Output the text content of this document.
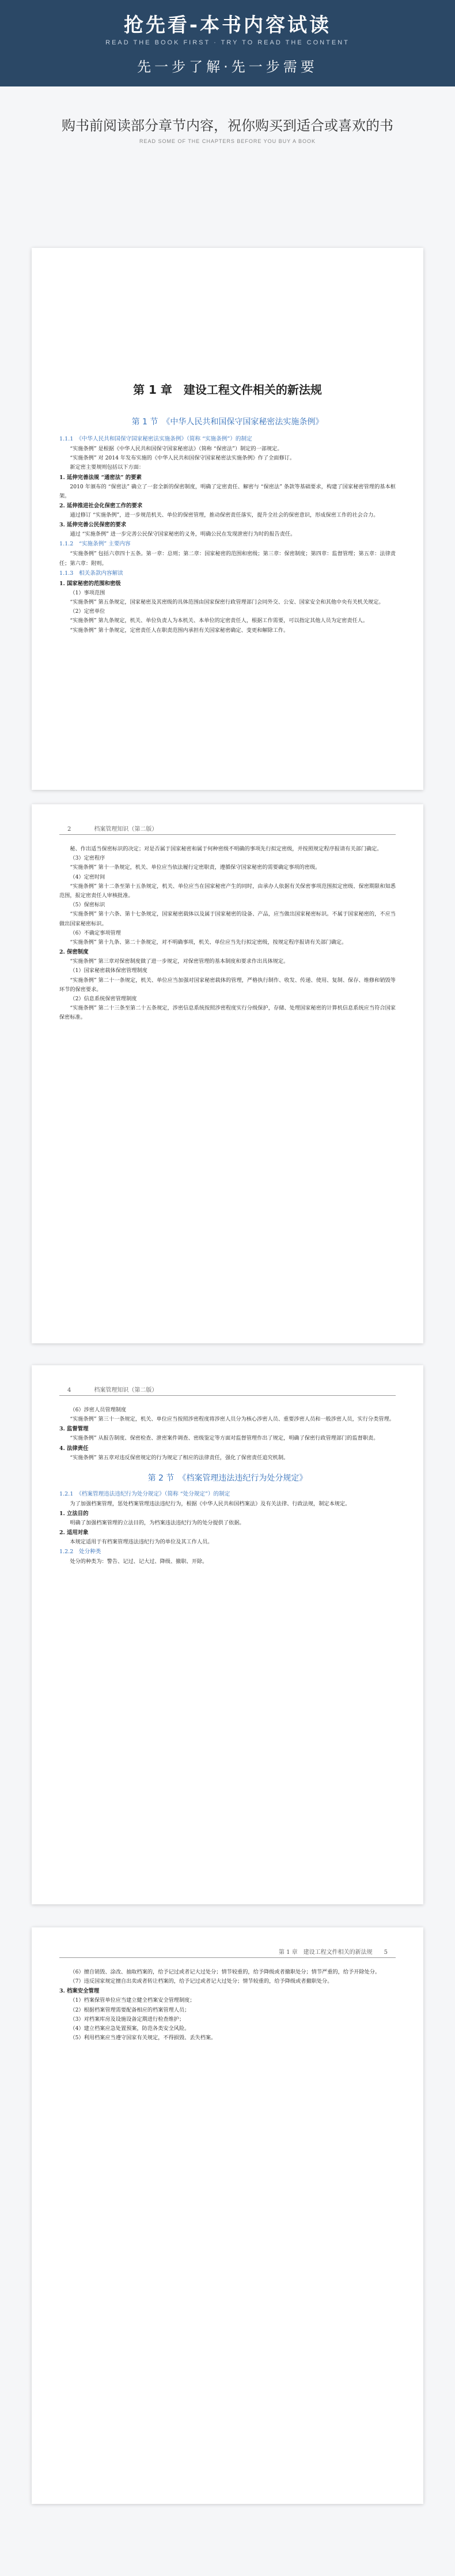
抢先看-本书内容试读
READ THE BOOK FIRST · TRY TO READ THE CONTENT
先一步了解·先一步需要
购书前阅读部分章节内容，祝你购买到适合或喜欢的书
READ SOME OF THE CHAPTERS BEFORE YOU BUY A BOOK
第 1 章　建设工程文件相关的新法规
第 1 节　《中华人民共和国保守国家秘密法实施条例》
1.1.1　《中华人民共和国保守国家秘密法实施条例》（简称 “实施条例”）的制定

“实施条例” 是根据《中华人民共和国保守国家秘密法》（简称 “保密法”）制定的一部规定。

“实施条例” 对 2014 年发布实施的《中华人民共和国保守国家秘密法实施条例》作了全面修订。

新定密主要规则包括以下方面：

1. 延伸完善法规 “通密法” 的要素

2010 年颁布的 “保密法” 确立了一套全新的保密制度，明确了定密责任、解密与 “保密法” 条款等基础要求，构建了国家秘密管理的基本框架。

2. 延伸推进社会化保密工作的要求

通过修订 “实施条例”，进一步规范机关、单位的保密管理，推动保密责任落实，提升全社会的保密意识，形成保密工作的社会合力。

3. 延伸完善公民保密的要求

通过 “实施条例” 进一步完善公民保守国家秘密的义务，明确公民在发现泄密行为时的报告责任。

1.1.2　“实施条例” 主要内容

“实施条例” 包括六章四十五条。第一章：总则；第二章：国家秘密的范围和密级；第三章：保密制度；第四章：监督管理；第五章：法律责任；第六章：附则。

1.1.3　相关条款内容解读
1. 国家秘密的范围和密级

（1）事项范围

“实施条例” 第五条规定，国家秘密及其密级的具体范围由国家保密行政管理部门会同外交、公安、国家安全和其他中央有关机关规定。

（2）定密单位

“实施条例” 第九条规定，机关、单位负责人为本机关、本单位的定密责任人，根据工作需要，可以指定其他人员为定密责任人。

“实施条例” 第十条规定，定密责任人在职责范围内承担有关国家秘密确定、变更和解除工作。

2　　　　档案管理知识（第二版）

秘、作出适当保密标识的决定；对是否属于国家秘密和属于何种密级不明确的事项先行拟定密级，并按照规定程序报请有关部门确定。

（3）定密程序

“实施条例” 第十一条规定，机关、单位应当依法履行定密职责，遵循保守国家秘密的需要确定事项的密级。

（4）定密时间

“实施条例” 第十二条至第十五条规定，机关、单位应当在国家秘密产生的同时，由承办人依据有关保密事项范围拟定密级、保密期限和知悉范围，报定密责任人审核批准。

（5）保密标识

“实施条例” 第十六条、第十七条规定，国家秘密载体以及属于国家秘密的设备、产品，应当做出国家秘密标识。不属于国家秘密的，不应当做出国家秘密标识。

（6）不确定事项管理

“实施条例” 第十九条、第二十条规定，对不明确事项，机关、单位应当先行拟定密级，按规定程序报请有关部门确定。

2. 保密制度

“实施条例” 第三章对保密制度做了进一步规定，对保密管理的基本制度和要求作出具体规定。

（1）国家秘密载体保密管理制度

“实施条例” 第二十一条规定，机关、单位应当加强对国家秘密载体的管理，严格执行制作、收发、传递、使用、复制、保存、维修和销毁等环节的保密要求。

（2）信息系统保密管理制度

“实施条例” 第二十三条至第二十五条规定，涉密信息系统按照涉密程度实行分级保护，存储、处理国家秘密的计算机信息系统应当符合国家保密标准。

4　　　　档案管理知识（第二版）

（6）涉密人员管理制度

“实施条例” 第三十一条规定，机关、单位应当按照涉密程度将涉密人员分为核心涉密人员、重要涉密人员和一般涉密人员，实行分类管理。

3. 监督管理

“实施条例” 从报告制度、保密检查、泄密案件调查、密级鉴定等方面对监督管理作出了规定，明确了保密行政管理部门的监督职责。

4. 法律责任

“实施条例” 第五章对违反保密规定的行为规定了相应的法律责任，强化了保密责任追究机制。

第 2 节　《档案管理违法违纪行为处分规定》
1.2.1　《档案管理违法违纪行为处分规定》（简称 “处分规定”）的制定

为了加强档案管理，惩处档案管理违法违纪行为，根据《中华人民共和国档案法》及有关法律、行政法规，制定本规定。

1. 立法目的

明确了加强档案管理的立法目的，为档案违法违纪行为的处分提供了依据。

2. 适用对象

本规定适用于有档案管理违法违纪行为的单位及其工作人员。

1.2.2　处分种类

处分的种类为：警告、记过、记大过、降级、撤职、开除。

第 1 章　建设工程文件相关的新法规　　5

（6）擅自销毁、涂改、抽取档案的，给予记过或者记大过处分；情节较重的，给予降级或者撤职处分；情节严重的，给予开除处分。

（7）违反国家规定擅自出卖或者转让档案的，给予记过或者记大过处分；情节较重的，给予降级或者撤职处分。

3. 档案安全管理

（1）档案保管单位应当建立健全档案安全管理制度；

（2）根据档案管理需要配备相应的档案管理人员；

（3）对档案库房及设施设备定期进行检查维护；

（4）建立档案应急处置预案，防范各类安全风险。

（5）利用档案应当遵守国家有关规定，不得损毁、丢失档案。
